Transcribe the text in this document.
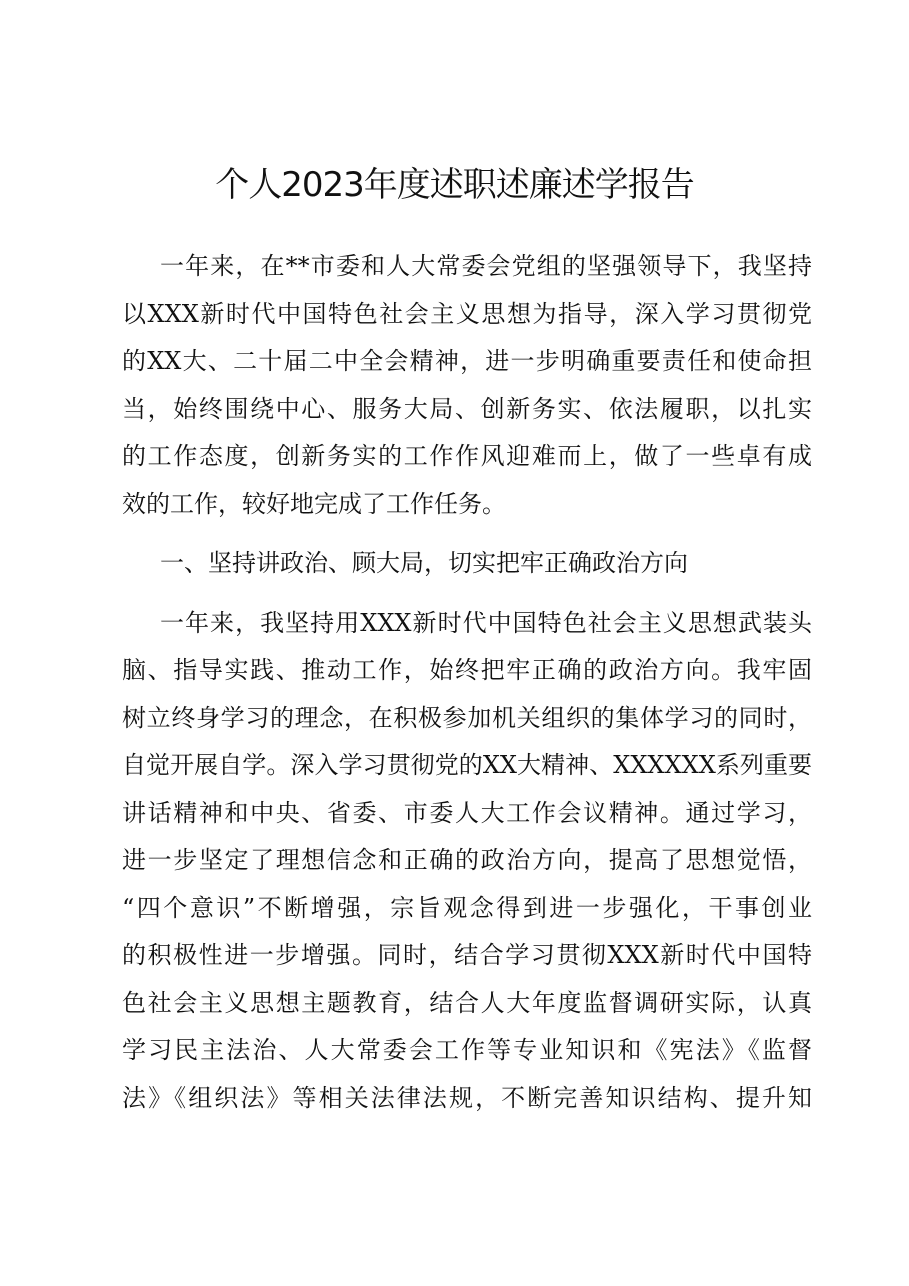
个人2023年度述职述廉述学报告
一年来，在**市委和人大常委会党组的坚强领导下，我坚持
以XXX新时代中国特色社会主义思想为指导，深入学习贯彻党
的XX大、二十届二中全会精神，进一步明确重要责任和使命担
当，始终围绕中心、服务大局、创新务实、依法履职，以扎实
的工作态度，创新务实的工作作风迎难而上，做了一些卓有成
效的工作，较好地完成了工作任务。
一、坚持讲政治、顾大局，切实把牢正确政治方向
一年来，我坚持用XXX新时代中国特色社会主义思想武装头
脑、指导实践、推动工作，始终把牢正确的政治方向。我牢固
树立终身学习的理念，在积极参加机关组织的集体学习的同时，
自觉开展自学。深入学习贯彻党的XX大精神、XXXXXX系列重要
讲话精神和中央、省委、市委人大工作会议精神。通过学习，
进一步坚定了理想信念和正确的政治方向，提高了思想觉悟，
“四个意识”不断增强，宗旨观念得到进一步强化，干事创业
的积极性进一步增强。同时，结合学习贯彻XXX新时代中国特
色社会主义思想主题教育，结合人大年度监督调研实际，认真
学习民主法治、人大常委会工作等专业知识和《宪法》《监督
法》《组织法》等相关法律法规，不断完善知识结构、提升知
